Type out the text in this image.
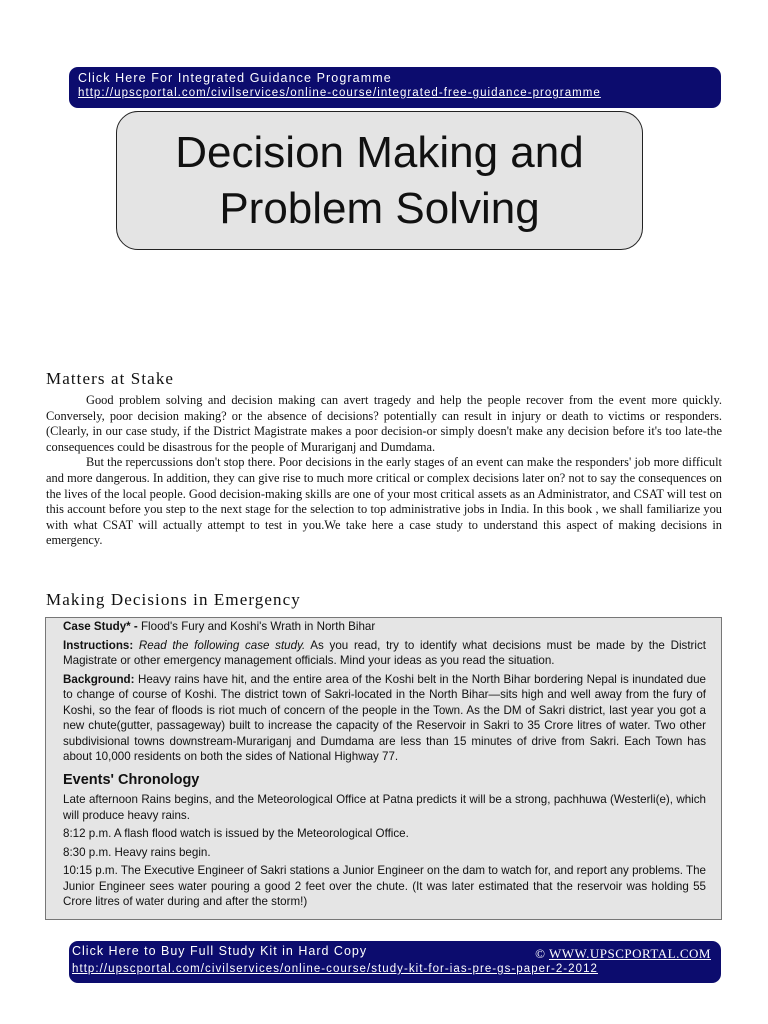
Click Here For Integrated Guidance Programme
http://upscportal.com/civilservices/online-course/integrated-free-guidance-programme
Decision Making and
Problem Solving
Matters at Stake

Good problem solving and decision making can avert tragedy and help the people recover from the event more quickly. Conversely, poor decision making? or the absence of decisions? potentially can result in injury or death to victims or responders. (Clearly, in our case study, if the District Magistrate makes a poor decision-or simply doesn't make any decision before it's too late-the consequences could be disastrous for the people of Murariganj and Dumdama.

But the repercussions don't stop there. Poor decisions in the early stages of an event can make the responders' job more difficult and more dangerous. In addition, they can give rise to much more critical or complex decisions later on? not to say the consequences on the lives of the local people. Good decision-making skills are one of your most critical assets as an Administrator, and CSAT will test on this account before you step to the next stage for the selection to top administrative jobs in India. In this book , we shall familiarize you with what CSAT will actually attempt to test in you.We take here a case study to understand this aspect of making decisions in emergency.

Making Decisions in Emergency

Case Study* - Flood's Fury and Koshi's Wrath in North Bihar

Instructions: Read the following case study. As you read, try to identify what decisions must be made by the District Magistrate or other emergency management officials. Mind your ideas as you read the situation.

Background: Heavy rains have hit, and the entire area of the Koshi belt in the North Bihar bordering Nepal is inundated due to change of course of Koshi. The district town of Sakri-located in the North Bihar—sits high and well away from the fury of Koshi, so the fear of floods is riot much of concern of the people in the Town. As the DM of Sakri district, last year you got a new chute(gutter, passageway) built to increase the capacity of the Reservoir in Sakri to 35 Crore litres of water. Two other subdivisional towns downstream-Murariganj and Dumdama are less than 15 minutes of drive from Sakri. Each Town has about 10,000 residents on both the sides of National Highway 77.

Events' Chronology

Late afternoon Rains begins, and the Meteorological Office at Patna predicts it will be a strong, pachhuwa (Westerli(e), which will produce heavy rains.

8:12 p.m. A flash flood watch is issued by the Meteorological Office.

8:30 p.m. Heavy rains begin.

10:15 p.m. The Executive Engineer of Sakri stations a Junior Engineer on the dam to watch for, and report any problems. The Junior Engineer sees water pouring a good 2 feet over the chute. (It was later estimated that the reservoir was holding 55 Crore litres of water during and after the storm!)

Click Here to Buy Full Study Kit in Hard Copy	© WWW.UPSCPORTAL.COM
http://upscportal.com/civilservices/online-course/study-kit-for-ias-pre-gs-paper-2-2012
